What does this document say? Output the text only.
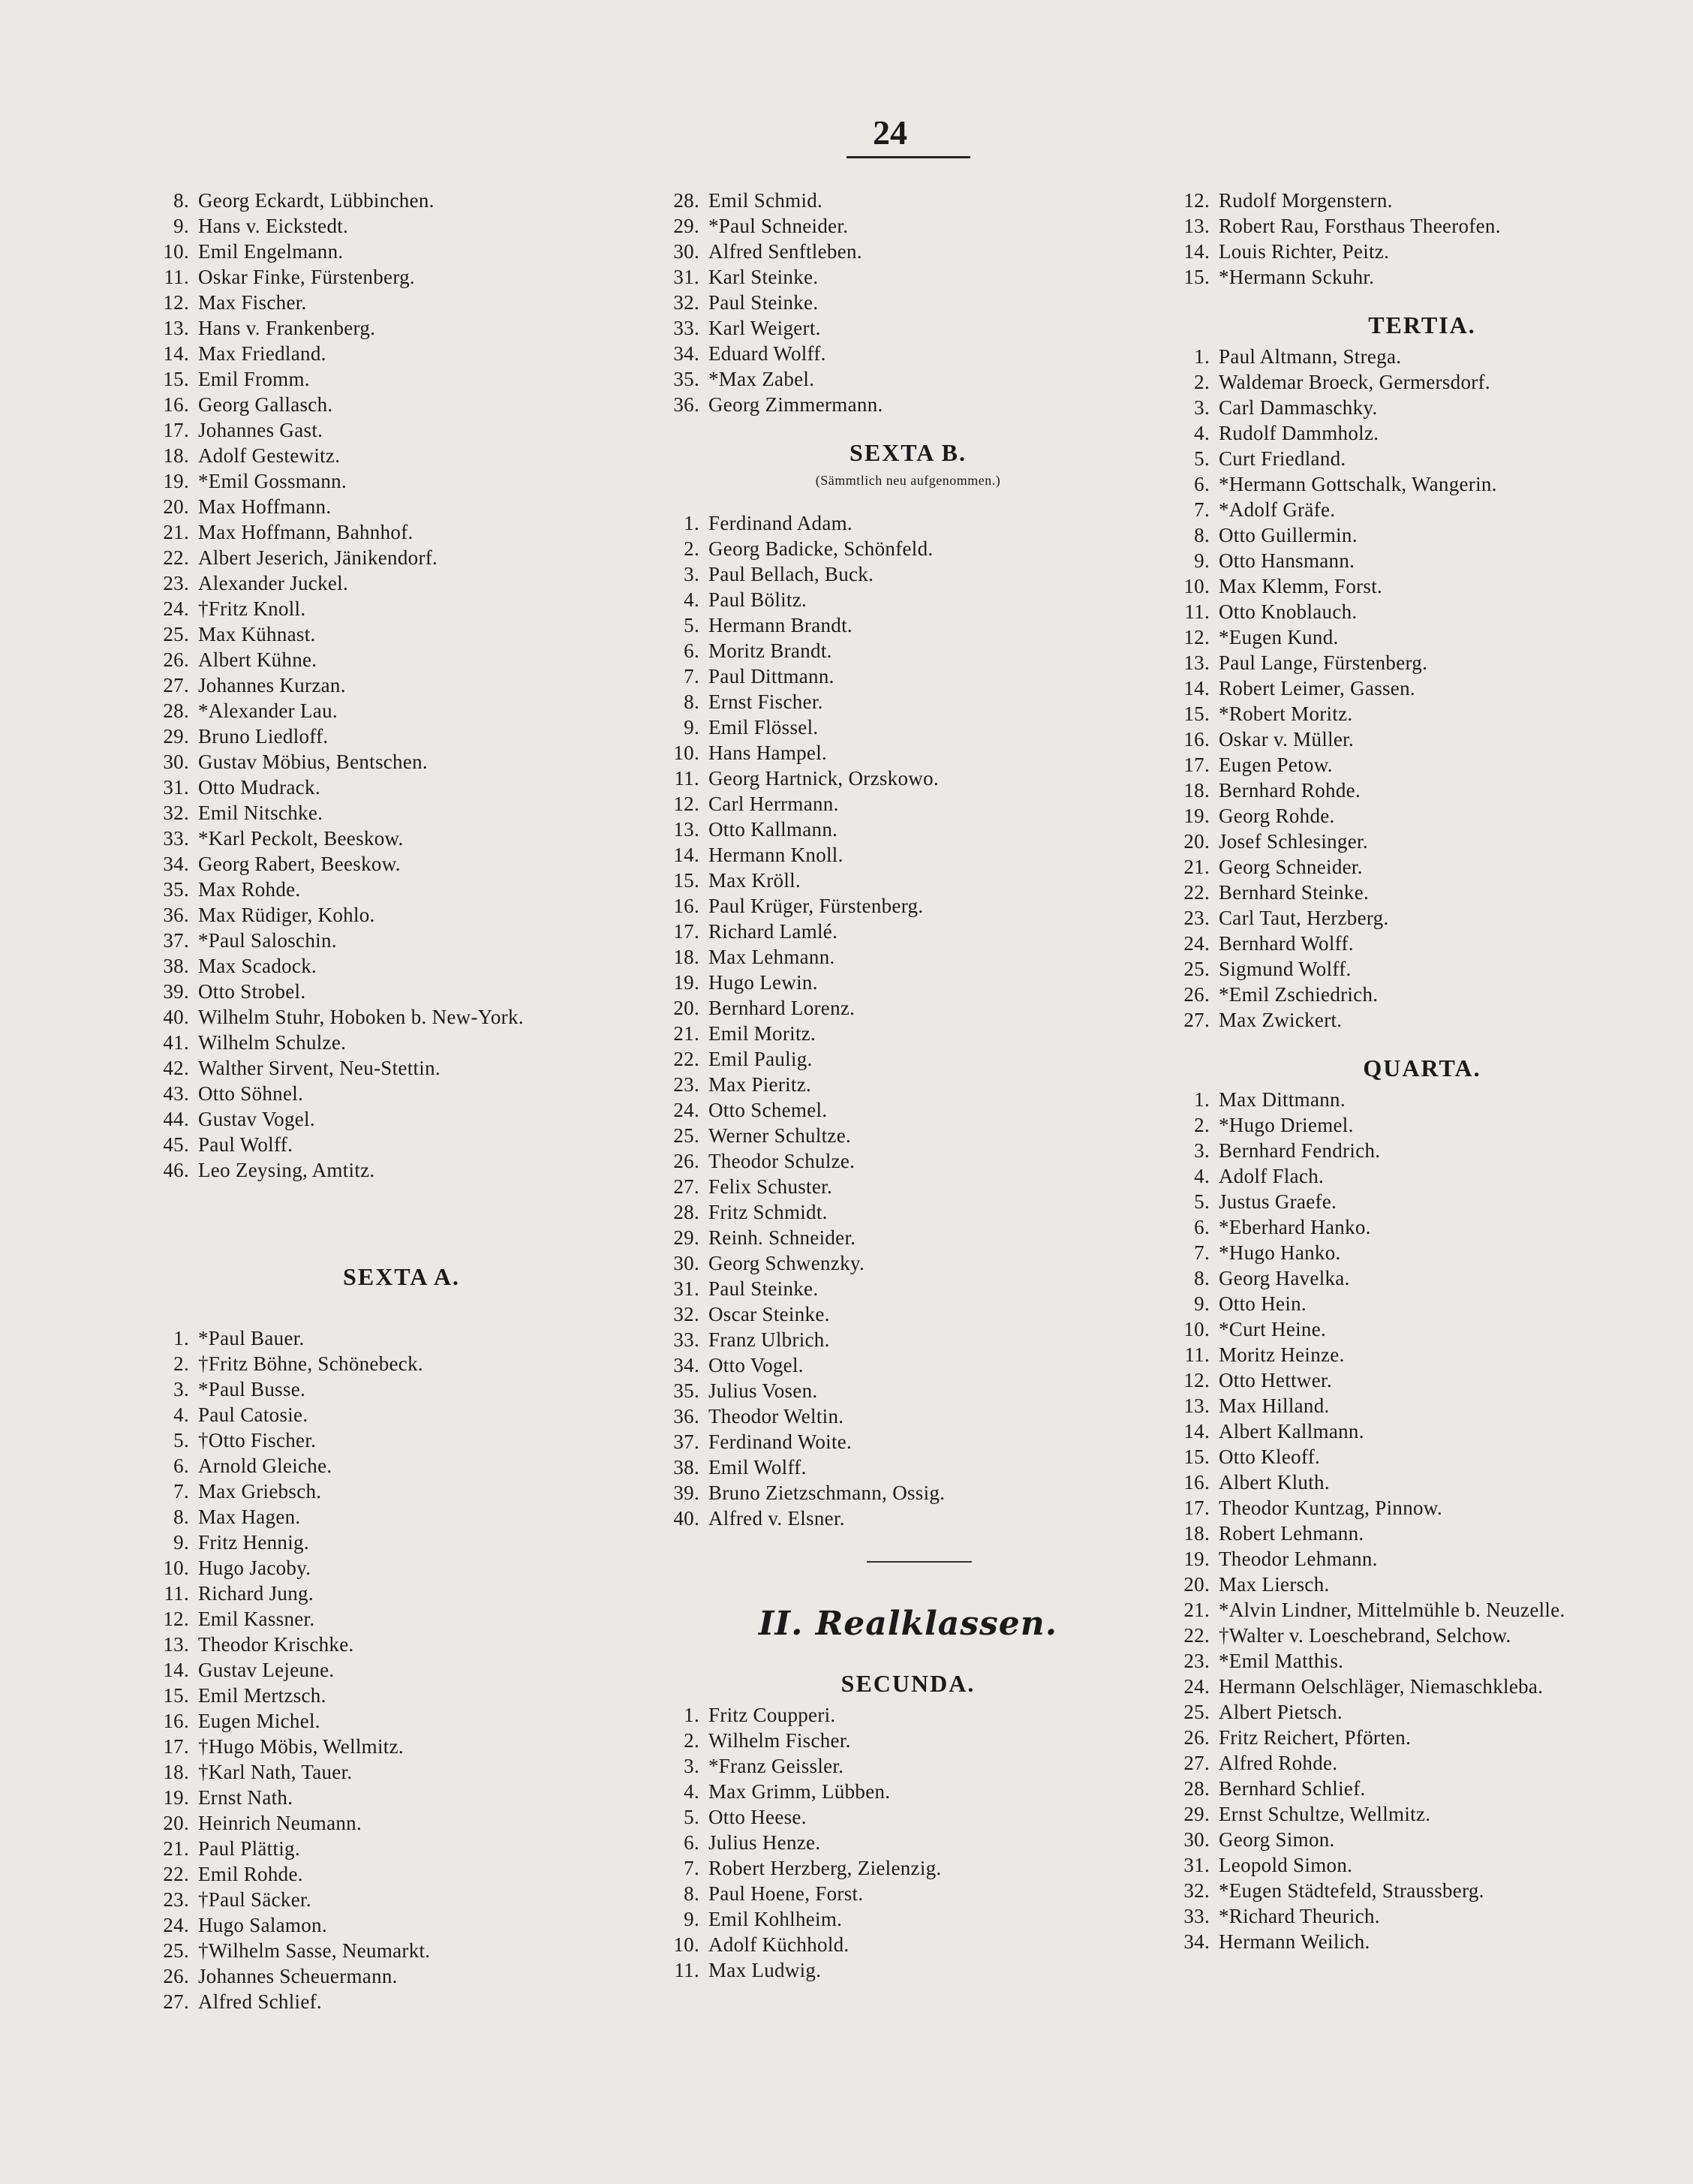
24
8. Georg Eckardt, Lübbinchen.
9. Hans v. Eickstedt.
10. Emil Engelmann.
11. Oskar Finke, Fürstenberg.
12. Max Fischer.
13. Hans v. Frankenberg.
14. Max Friedland.
15. Emil Fromm.
16. Georg Gallasch.
17. Johannes Gast.
18. Adolf Gestewitz.
19. *Emil Gossmann.
20. Max Hoffmann.
21. Max Hoffmann, Bahnhof.
22. Albert Jeserich, Jänikendorf.
23. Alexander Juckel.
24. †Fritz Knoll.
25. Max Kühnast.
26. Albert Kühne.
27. Johannes Kurzan.
28. *Alexander Lau.
29. Bruno Liedloff.
30. Gustav Möbius, Bentschen.
31. Otto Mudrack.
32. Emil Nitschke.
33. *Karl Peckolt, Beeskow.
34. Georg Rabert, Beeskow.
35. Max Rohde.
36. Max Rüdiger, Kohlo.
37. *Paul Saloschin.
38. Max Scadock.
39. Otto Strobel.
40. Wilhelm Stuhr, Hoboken b. New-York.
41. Wilhelm Schulze.
42. Walther Sirvent, Neu-Stettin.
43. Otto Söhnel.
44. Gustav Vogel.
45. Paul Wolff.
46. Leo Zeysing, Amtitz.
SEXTA A.
1. *Paul Bauer.
2. †Fritz Böhne, Schönebeck.
3. *Paul Busse.
4. Paul Catosie.
5. †Otto Fischer.
6. Arnold Gleiche.
7. Max Griebsch.
8. Max Hagen.
9. Fritz Hennig.
10. Hugo Jacoby.
11. Richard Jung.
12. Emil Kassner.
13. Theodor Krischke.
14. Gustav Lejeune.
15. Emil Mertzsch.
16. Eugen Michel.
17. †Hugo Möbis, Wellmitz.
18. †Karl Nath, Tauer.
19. Ernst Nath.
20. Heinrich Neumann.
21. Paul Plättig.
22. Emil Rohde.
23. †Paul Säcker.
24. Hugo Salamon.
25. †Wilhelm Sasse, Neumarkt.
26. Johannes Scheuermann.
27. Alfred Schlief.
28. Emil Schmid.
29. *Paul Schneider.
30. Alfred Senftleben.
31. Karl Steinke.
32. Paul Steinke.
33. Karl Weigert.
34. Eduard Wolff.
35. *Max Zabel.
36. Georg Zimmermann.
SEXTA B.
(Sämmtlich neu aufgenommen.)
1. Ferdinand Adam.
2. Georg Badicke, Schönfeld.
3. Paul Bellach, Buck.
4. Paul Bölitz.
5. Hermann Brandt.
6. Moritz Brandt.
7. Paul Dittmann.
8. Ernst Fischer.
9. Emil Flössel.
10. Hans Hampel.
11. Georg Hartnick, Orzskowo.
12. Carl Herrmann.
13. Otto Kallmann.
14. Hermann Knoll.
15. Max Kröll.
16. Paul Krüger, Fürstenberg.
17. Richard Lamlé.
18. Max Lehmann.
19. Hugo Lewin.
20. Bernhard Lorenz.
21. Emil Moritz.
22. Emil Paulig.
23. Max Pieritz.
24. Otto Schemel.
25. Werner Schultze.
26. Theodor Schulze.
27. Felix Schuster.
28. Fritz Schmidt.
29. Reinh. Schneider.
30. Georg Schwenzky.
31. Paul Steinke.
32. Oscar Steinke.
33. Franz Ulbrich.
34. Otto Vogel.
35. Julius Vosen.
36. Theodor Weltin.
37. Ferdinand Woite.
38. Emil Wolff.
39. Bruno Zietzschmann, Ossig.
40. Alfred v. Elsner.
II. Realklassen.
SECUNDA.
1. Fritz Coupperi.
2. Wilhelm Fischer.
3. *Franz Geissler.
4. Max Grimm, Lübben.
5. Otto Heese.
6. Julius Henze.
7. Robert Herzberg, Zielenzig.
8. Paul Hoene, Forst.
9. Emil Kohlheim.
10. Adolf Küchhold.
11. Max Ludwig.
12. Rudolf Morgenstern.
13. Robert Rau, Forsthaus Theerofen.
14. Louis Richter, Peitz.
15. *Hermann Sckuhr.
TERTIA.
1. Paul Altmann, Strega.
2. Waldemar Broeck, Germersdorf.
3. Carl Dammaschky.
4. Rudolf Dammholz.
5. Curt Friedland.
6. *Hermann Gottschalk, Wangerin.
7. *Adolf Gräfe.
8. Otto Guillermin.
9. Otto Hansmann.
10. Max Klemm, Forst.
11. Otto Knoblauch.
12. *Eugen Kund.
13. Paul Lange, Fürstenberg.
14. Robert Leimer, Gassen.
15. *Robert Moritz.
16. Oskar v. Müller.
17. Eugen Petow.
18. Bernhard Rohde.
19. Georg Rohde.
20. Josef Schlesinger.
21. Georg Schneider.
22. Bernhard Steinke.
23. Carl Taut, Herzberg.
24. Bernhard Wolff.
25. Sigmund Wolff.
26. *Emil Zschiedrich.
27. Max Zwickert.
QUARTA.
1. Max Dittmann.
2. *Hugo Driemel.
3. Bernhard Fendrich.
4. Adolf Flach.
5. Justus Graefe.
6. *Eberhard Hanko.
7. *Hugo Hanko.
8. Georg Havelka.
9. Otto Hein.
10. *Curt Heine.
11. Moritz Heinze.
12. Otto Hettwer.
13. Max Hilland.
14. Albert Kallmann.
15. Otto Kleoff.
16. Albert Kluth.
17. Theodor Kuntzag, Pinnow.
18. Robert Lehmann.
19. Theodor Lehmann.
20. Max Liersch.
21. *Alvin Lindner, Mittelmühle b. Neuzelle.
22. †Walter v. Loeschebrand, Selchow.
23. *Emil Matthis.
24. Hermann Oelschläger, Niemaschkleba.
25. Albert Pietsch.
26. Fritz Reichert, Pförten.
27. Alfred Rohde.
28. Bernhard Schlief.
29. Ernst Schultze, Wellmitz.
30. Georg Simon.
31. Leopold Simon.
32. *Eugen Städtefeld, Straussberg.
33. *Richard Theurich.
34. Hermann Weilich.
